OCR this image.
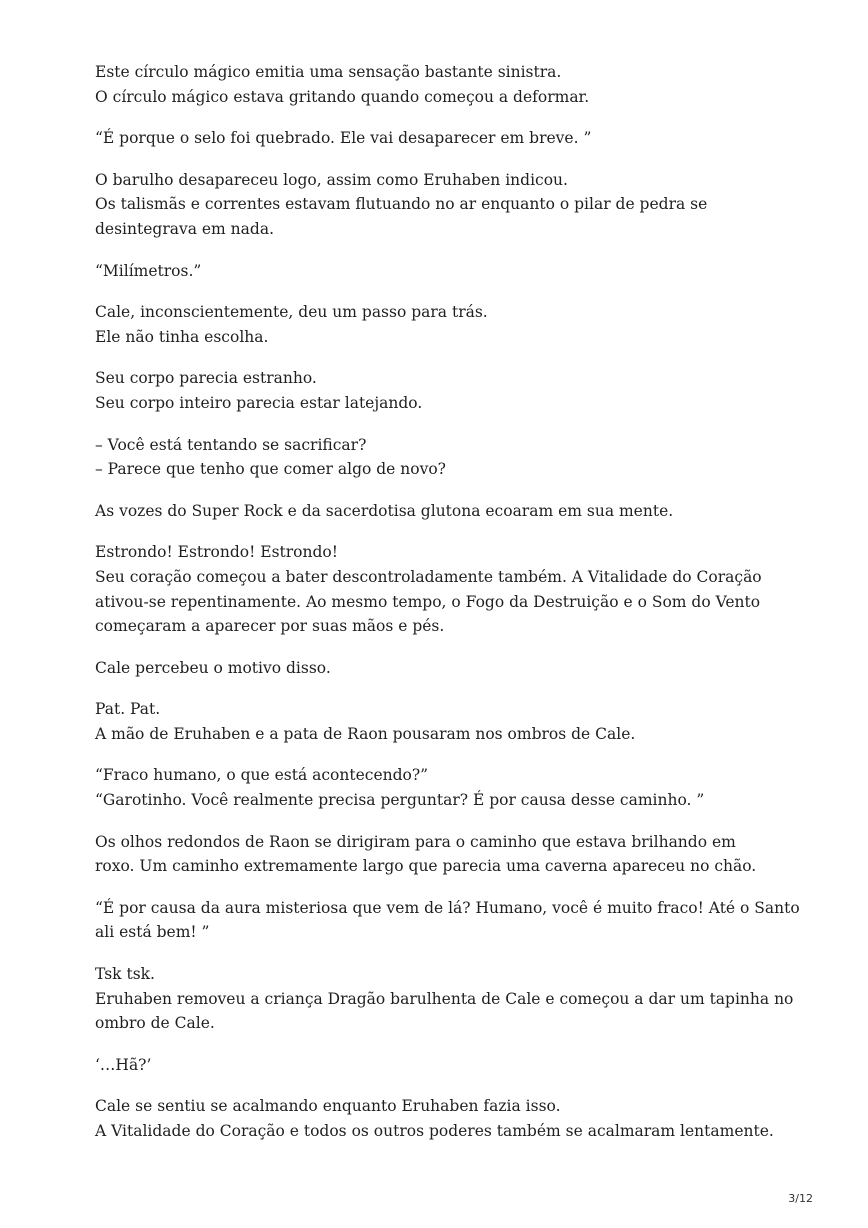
Este círculo mágico emitia uma sensação bastante sinistra.
O círculo mágico estava gritando quando começou a deformar.

“É porque o selo foi quebrado. Ele vai desaparecer em breve. ”

O barulho desapareceu logo, assim como Eruhaben indicou.
Os talismãs e correntes estavam flutuando no ar enquanto o pilar de pedra se
desintegrava em nada.

“Milímetros.”

Cale, inconscientemente, deu um passo para trás.
Ele não tinha escolha.

Seu corpo parecia estranho.
Seu corpo inteiro parecia estar latejando.

– Você está tentando se sacrificar?
– Parece que tenho que comer algo de novo?

As vozes do Super Rock e da sacerdotisa glutona ecoaram em sua mente.

Estrondo! Estrondo! Estrondo!
Seu coração começou a bater descontroladamente também. A Vitalidade do Coração
ativou-se repentinamente. Ao mesmo tempo, o Fogo da Destruição e o Som do Vento
começaram a aparecer por suas mãos e pés.

Cale percebeu o motivo disso.

Pat. Pat.
A mão de Eruhaben e a pata de Raon pousaram nos ombros de Cale.

“Fraco humano, o que está acontecendo?”
“Garotinho. Você realmente precisa perguntar? É por causa desse caminho. ”

Os olhos redondos de Raon se dirigiram para o caminho que estava brilhando em
roxo. Um caminho extremamente largo que parecia uma caverna apareceu no chão.

“É por causa da aura misteriosa que vem de lá? Humano, você é muito fraco! Até o Santo
ali está bem! ”

Tsk tsk.
Eruhaben removeu a criança Dragão barulhenta de Cale e começou a dar um tapinha no
ombro de Cale.

‘…Hã?’

Cale se sentiu se acalmando enquanto Eruhaben fazia isso.
A Vitalidade do Coração e todos os outros poderes também se acalmaram lentamente.

3/12
